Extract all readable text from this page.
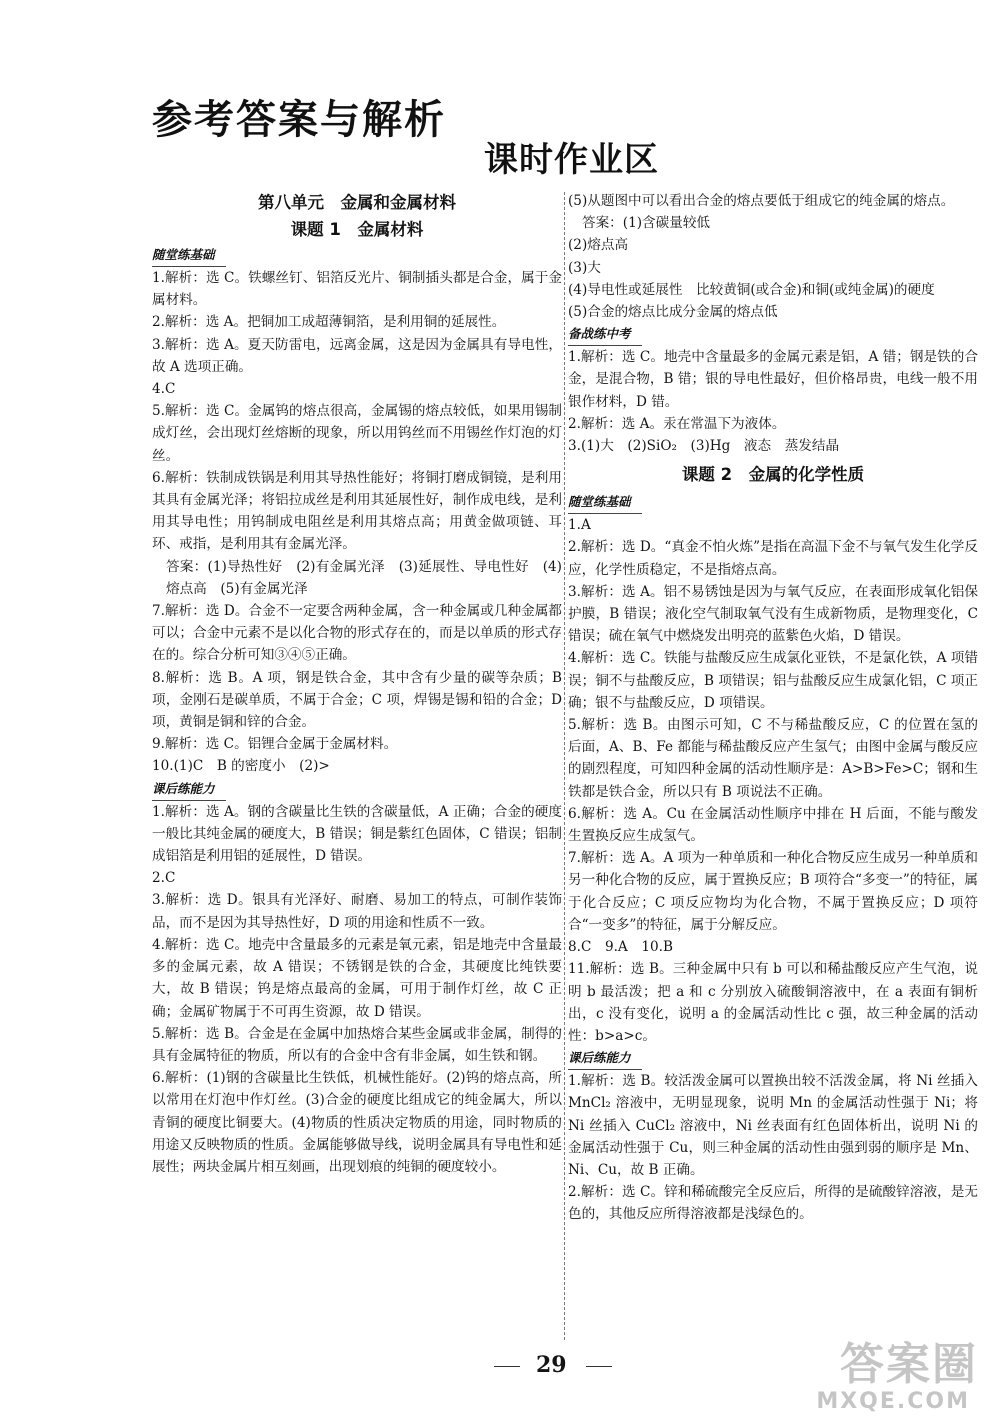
参考答案与解析
课时作业区
第八单元　金属和金属材料
课题 1　金属材料
随堂练基础
1.解析：选 C。铁螺丝钉、铝箔反光片、铜制插头都是合金，属于金属材料。
2.解析：选 A。把铜加工成超薄铜箔，是利用铜的延展性。
3.解析：选 A。夏天防雷电，远离金属，这是因为金属具有导电性，故 A 选项正确。
4.C
5.解析：选 C。金属钨的熔点很高，金属锡的熔点较低，如果用锡制成灯丝，会出现灯丝熔断的现象，所以用钨丝而不用锡丝作灯泡的灯丝。
6.解析：铁制成铁锅是利用其导热性能好；将铜打磨成铜镜，是利用其具有金属光泽；将铝拉成丝是利用其延展性好，制作成电线，是利用其导电性；用钨制成电阻丝是利用其熔点高；用黄金做项链、耳环、戒指，是利用其有金属光泽。
答案：(1)导热性好　(2)有金属光泽　(3)延展性、导电性好　(4)熔点高　(5)有金属光泽
7.解析：选 D。合金不一定要含两种金属，含一种金属或几种金属都可以；合金中元素不是以化合物的形式存在的，而是以单质的形式存在的。综合分析可知③④⑤正确。
8.解析：选 B。A 项，钢是铁合金，其中含有少量的碳等杂质；B 项，金刚石是碳单质，不属于合金；C 项，焊锡是锡和铅的合金；D 项，黄铜是铜和锌的合金。
9.解析：选 C。铝锂合金属于金属材料。
10.(1)C　B 的密度小　(2)>
课后练能力
1.解析：选 A。钢的含碳量比生铁的含碳量低，A 正确；合金的硬度一般比其纯金属的硬度大，B 错误；铜是紫红色固体，C 错误；铝制成铝箔是利用铝的延展性，D 错误。
2.C
3.解析：选 D。银具有光泽好、耐磨、易加工的特点，可制作装饰品，而不是因为其导热性好，D 项的用途和性质不一致。
4.解析：选 C。地壳中含量最多的元素是氧元素，铝是地壳中含量最多的金属元素，故 A 错误；不锈钢是铁的合金，其硬度比纯铁要大，故 B 错误；钨是熔点最高的金属，可用于制作灯丝，故 C 正确；金属矿物属于不可再生资源，故 D 错误。
5.解析：选 B。合金是在金属中加热熔合某些金属或非金属，制得的具有金属特征的物质，所以有的合金中含有非金属，如生铁和钢。
6.解析：(1)钢的含碳量比生铁低，机械性能好。(2)钨的熔点高，所以常用在灯泡中作灯丝。(3)合金的硬度比组成它的纯金属大，所以青铜的硬度比铜要大。(4)物质的性质决定物质的用途，同时物质的用途又反映物质的性质。金属能够做导线，说明金属具有导电性和延展性；两块金属片相互刻画，出现划痕的纯铜的硬度较小。
(5)从题图中可以看出合金的熔点要低于组成它的纯金属的熔点。
答案：(1)含碳量较低
(2)熔点高
(3)大
(4)导电性或延展性　比较黄铜(或合金)和铜(或纯金属)的硬度
(5)合金的熔点比成分金属的熔点低
备战练中考
1.解析：选 C。地壳中含量最多的金属元素是铝，A 错；钢是铁的合金，是混合物，B 错；银的导电性最好，但价格昂贵，电线一般不用银作材料，D 错。
2.解析：选 A。汞在常温下为液体。
3.(1)大　(2)SiO₂　(3)Hg　液态　蒸发结晶
课题 2　金属的化学性质
随堂练基础
1.A
2.解析：选 D。“真金不怕火炼”是指在高温下金不与氧气发生化学反应，化学性质稳定，不是指熔点高。
3.解析：选 A。铝不易锈蚀是因为与氧气反应，在表面形成氧化铝保护膜，B 错误；液化空气制取氧气没有生成新物质，是物理变化，C 错误；硫在氧气中燃烧发出明亮的蓝紫色火焰，D 错误。
4.解析：选 C。铁能与盐酸反应生成氯化亚铁，不是氯化铁，A 项错误；铜不与盐酸反应，B 项错误；铝与盐酸反应生成氯化铝，C 项正确；银不与盐酸反应，D 项错误。
5.解析：选 B。由图示可知，C 不与稀盐酸反应，C 的位置在氢的后面，A、B、Fe 都能与稀盐酸反应产生氢气；由图中金属与酸反应的剧烈程度，可知四种金属的活动性顺序是：A>B>Fe>C；钢和生铁都是铁合金，所以只有 B 项说法不正确。
6.解析：选 A。Cu 在金属活动性顺序中排在 H 后面，不能与酸发生置换反应生成氢气。
7.解析：选 A。A 项为一种单质和一种化合物反应生成另一种单质和另一种化合物的反应，属于置换反应；B 项符合“多变一”的特征，属于化合反应；C 项反应物均为化合物，不属于置换反应；D 项符合“一变多”的特征，属于分解反应。
8.C　9.A　10.B
11.解析：选 B。三种金属中只有 b 可以和稀盐酸反应产生气泡，说明 b 最活泼；把 a 和 c 分别放入硫酸铜溶液中，在 a 表面有铜析出，c 没有变化，说明 a 的金属活动性比 c 强，故三种金属的活动性：b>a>c。
课后练能力
1.解析：选 B。较活泼金属可以置换出较不活泼金属，将 Ni 丝插入 MnCl₂ 溶液中，无明显现象，说明 Mn 的金属活动性强于 Ni；将 Ni 丝插入 CuCl₂ 溶液中，Ni 丝表面有红色固体析出，说明 Ni 的金属活动性强于 Cu，则三种金属的活动性由强到弱的顺序是 Mn、Ni、Cu，故 B 正确。
2.解析：选 C。锌和稀硫酸完全反应后，所得的是硫酸锌溶液，是无色的，其他反应所得溶液都是浅绿色的。
29	答案圈
MXQE.COM
